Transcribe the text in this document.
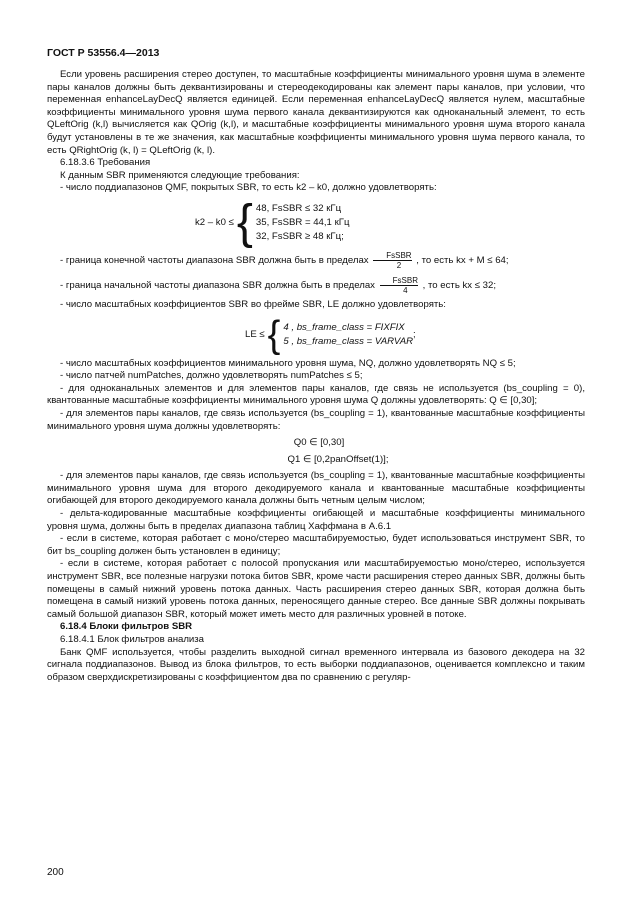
ГОСТ Р 53556.4—2013

Если уровень расширения стерео доступен, то масштабные коэффициенты минимального уровня шума в элементе пары каналов должны быть деквантизированы и стереодекодированы как элемент пары каналов, при условии, что переменная enhanceLayDecQ является единицей. Если переменная enhanceLayDecQ является нулем, масштабные коэффициенты минимального уровня шума первого канала деквантизируются как одноканальный элемент, то есть QLeftOrig (k,l) вычисляется как QOrig (k,l), и масштабные коэффициенты минимального уровня шума второго канала будут установлены в те же значения, как масштабные коэффициенты минимального уровня шума первого канала, то есть QRightOrig (k, l) = QLeftOrig (k, l).

6.18.3.6 Требования

К данным SBR применяются следующие требования:

- число поддиапазонов QMF, покрытых SBR, то есть k2 – k0, должно удовлетворять:

k2 – k0 ≤ { 48, FsSBR ≤ 32 кГц
35, FsSBR = 44,1 кГц
32, FsSBR ≥ 48 кГц;

- граница конечной частоты диапазона SBR должна быть в пределах	FsSBR
2	, то есть kx + M ≤ 64;

- граница начальной частоты диапазона SBR должна быть в пределах	FsSBR
4	, то есть kx ≤ 32;

- число масштабных коэффициентов SBR во фрейме SBR, LE должно удовлетворять:

LE ≤ { 4 , bs_frame_class = FIXFIX
5 , bs_frame_class = VARVAR
;

- число масштабных коэффициентов минимального уровня шума, NQ, должно удовлетворять NQ ≤ 5;

- число патчей numPatches, должно удовлетворять numPatches ≤ 5;

- для одноканальных элементов и для элементов пары каналов, где связь не используется (bs_coupling = 0), квантованные масштабные коэффициенты минимального уровня шума Q должны удовлетворять: Q ∈ [0,30];

- для элементов пары каналов, где связь используется (bs_coupling = 1), квантованные масштабные коэффициенты минимального уровня шума должны удовлетворять:

Q0 ∈ [0,30]

Q1 ∈ [0,2panOffset(1)];

- для элементов пары каналов, где связь используется (bs_coupling = 1), квантованные масштабные коэффициенты минимального уровня шума для второго декодируемого канала и квантованные масштабные коэффициенты огибающей для второго декодируемого канала должны быть четным целым числом;

- дельта-кодированные масштабные коэффициенты огибающей и масштабные коэффициенты минимального уровня шума, должны быть в пределах диапазона таблиц Хаффмана в А.6.1

- если в системе, которая работает с моно/стерео масштабируемостью, будет использоваться инструмент SBR, то бит bs_coupling должен быть установлен в единицу;

- если в системе, которая работает с полосой пропускания или масштабируемостью моно/стерео, используется инструмент SBR, все полезные нагрузки потока битов SBR, кроме части расширения стерео данных SBR, должны быть помещены в самый нижний уровень потока данных. Часть расширения стерео данных SBR, которая должна быть помещена в самый низкий уровень потока данных, переносящего данные стерео. Все данные SBR должны покрывать самый большой диапазон SBR, который может иметь место для различных уровней в потоке.

6.18.4 Блоки фильтров SBR

6.18.4.1 Блок фильтров анализа

Банк QMF используется, чтобы разделить выходной сигнал временного интервала из базового декодера на 32 сигнала поддиапазонов. Вывод из блока фильтров, то есть выборки поддиапазонов, оценивается комплексно и таким образом сверхдискретизированы с коэффициентом два по сравнению с регуляр-

200
